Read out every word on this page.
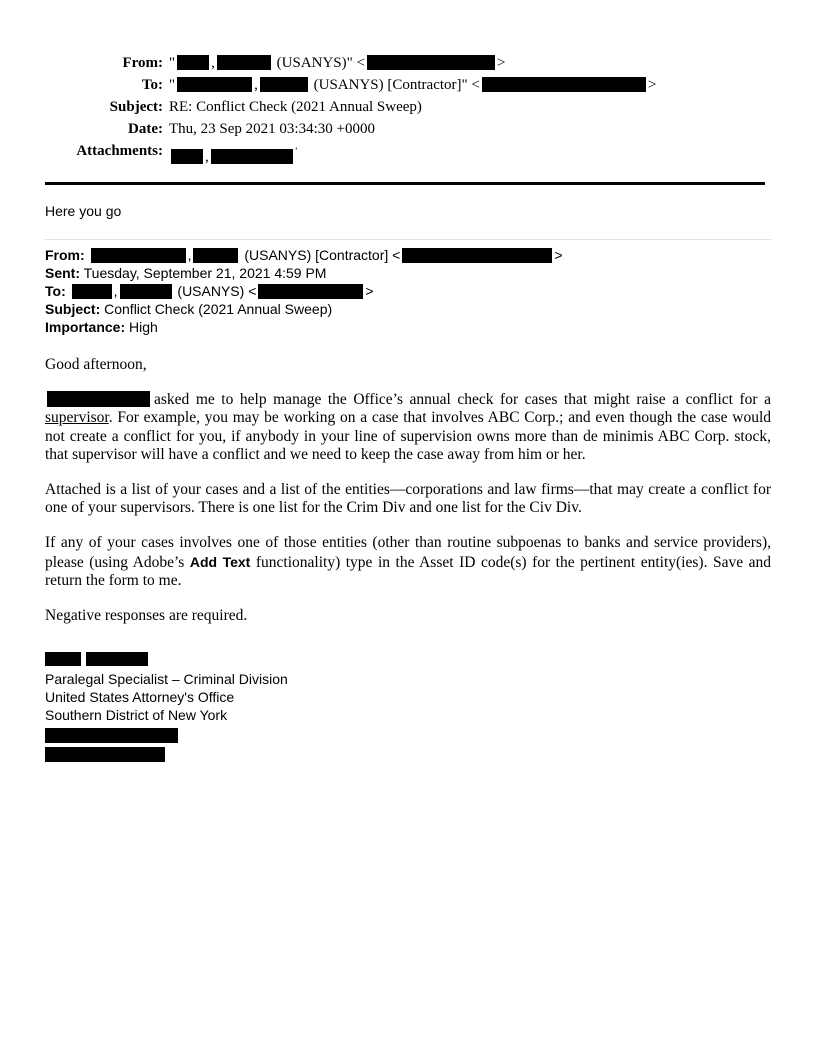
From: " ,	(USANYS)" <	>
To: "	,	(USANYS) [Contractor]" <	>
Subject: RE: Conflict Check (2021 Annual Sweep)
Date: Thu, 23 Sep 2021 03:34:30 +0000
Attachments:	,	’
Here you go
From:	,	(USANYS) [Contractor] <	>
Sent: Tuesday, September 21, 2021 4:59 PM
To:	,	(USANYS) <	>
Subject: Conflict Check (2021 Annual Sweep)
Importance: High
Good afternoon,
asked me to help manage the Office’s annual check for cases that might raise a conflict for a supervisor. For example, you may be working on a case that involves ABC Corp.; and even though the case would not create a conflict for you, if anybody in your line of supervision owns more than de minimis ABC Corp. stock, that supervisor will have a conflict and we need to keep the case away from him or her.
Attached is a list of your cases and a list of the entities—corporations and law firms—that may create a conflict for one of your supervisors. There is one list for the Crim Div and one list for the Civ Div.
If any of your cases involves one of those entities (other than routine subpoenas to banks and service providers), please (using Adobe’s Add Text functionality) type in the Asset ID code(s) for the pertinent entity(ies). Save and return the form to me.
Negative responses are required.
Paralegal Specialist – Criminal Division
United States Attorney's Office
Southern District of New York
